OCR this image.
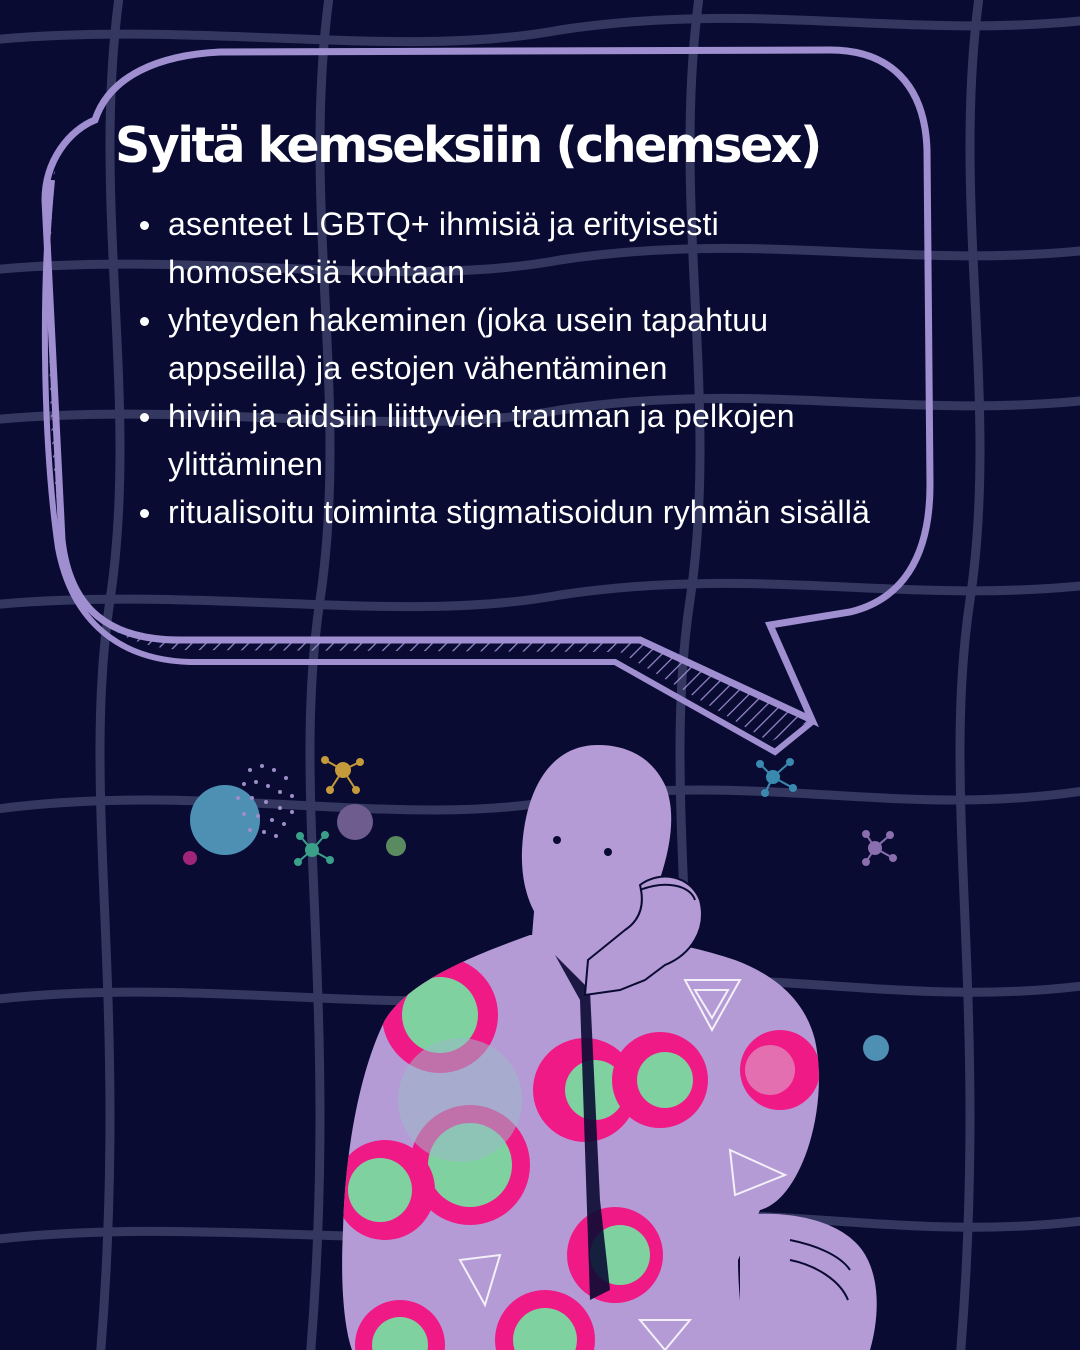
Syitä kemseksiin (chemsex)
asenteet LGBTQ+ ihmisiä ja erityisesti homoseksiä kohtaan
yhteyden hakeminen (joka usein tapahtuu appseilla) ja estojen vähentäminen
hiviin ja aidsiin liittyvien trauman ja pelkojen ylittäminen
ritualisoitu toiminta stigmatisoidun ryhmän sisällä
